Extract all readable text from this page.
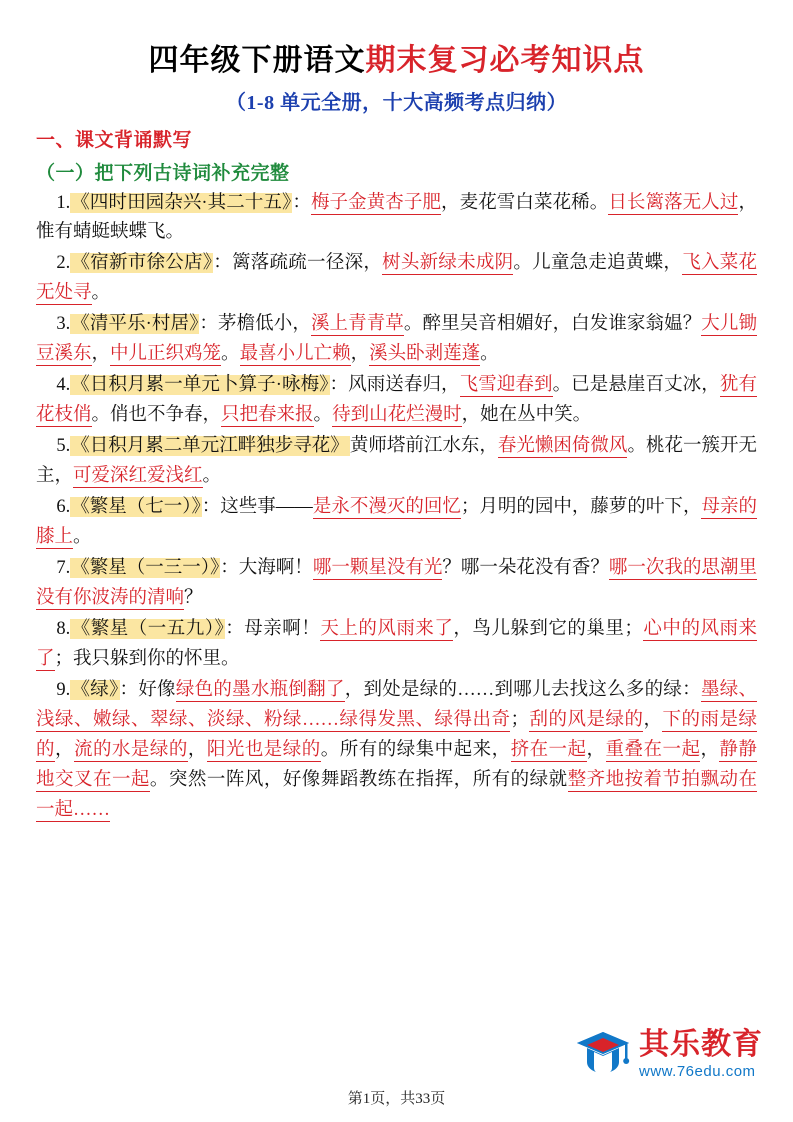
四年级下册语文期末复习必考知识点
（1-8 单元全册，十大高频考点归纳）
一、课文背诵默写
（一）把下列古诗词补充完整

1.《四时田园杂兴·其二十五》：梅子金黄杏子肥，麦花雪白菜花稀。日长篱落无人过，惟有蜻蜓蛱蝶飞。

2.《宿新市徐公店》：篱落疏疏一径深，树头新绿未成阴。儿童急走追黄蝶，飞入菜花无处寻。

3.《清平乐·村居》：茅檐低小，溪上青青草。醉里吴音相媚好，白发谁家翁媪？大儿锄豆溪东，中儿正织鸡笼。最喜小儿亡赖，溪头卧剥莲蓬。

4.《日积月累一单元卜算子·咏梅》：风雨送春归，飞雪迎春到。已是悬崖百丈冰，犹有花枝俏。俏也不争春，只把春来报。待到山花烂漫时，她在丛中笑。

5.《日积月累二单元江畔独步寻花》黄师塔前江水东，春光懒困倚微风。桃花一簇开无主，可爱深红爱浅红。

6.《繁星（七一）》：这些事——是永不漫灭的回忆；月明的园中，藤萝的叶下，母亲的膝上。

7.《繁星（一三一）》：大海啊！哪一颗星没有光？哪一朵花没有香？哪一次我的思潮里没有你波涛的清响？

8.《繁星（一五九）》：母亲啊！天上的风雨来了，鸟儿躲到它的巢里；心中的风雨来了；我只躲到你的怀里。

9.《绿》：好像绿色的墨水瓶倒翻了，到处是绿的……到哪儿去找这么多的绿：墨绿、浅绿、嫩绿、翠绿、淡绿、粉绿……绿得发黑、绿得出奇；刮的风是绿的，下的雨是绿的，流的水是绿的，阳光也是绿的。所有的绿集中起来，挤在一起，重叠在一起，静静地交叉在一起。突然一阵风，好像舞蹈教练在指挥，所有的绿就整齐地按着节拍飘动在一起……

其乐教育
www.76edu.com
第1页，共33页
